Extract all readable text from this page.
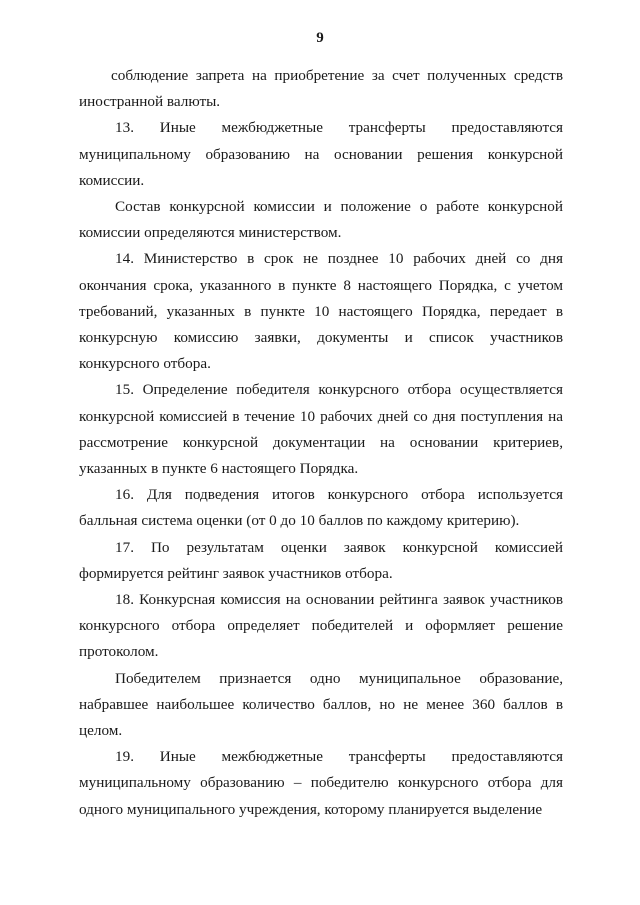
9

соблюдение запрета на приобретение за счет полученных средств иностранной валюты.

13. Иные межбюджетные трансферты предоставляются муниципальному образованию на основании решения конкурсной комиссии.

Состав конкурсной комиссии и положение о работе конкурсной комиссии определяются министерством.

14. Министерство в срок не позднее 10 рабочих дней со дня окончания срока, указанного в пункте 8 настоящего Порядка, с учетом требований, указанных в пункте 10 настоящего Порядка, передает в конкурсную комиссию заявки, документы и список участников конкурсного отбора.

15. Определение победителя конкурсного отбора осуществляется конкурсной комиссией в течение 10 рабочих дней со дня поступления на рассмотрение конкурсной документации на основании критериев, указанных в пункте 6 настоящего Порядка.

16. Для подведения итогов конкурсного отбора используется балльная система оценки (от 0 до 10 баллов по каждому критерию).

17. По результатам оценки заявок конкурсной комиссией формируется рейтинг заявок участников отбора.

18. Конкурсная комиссия на основании рейтинга заявок участников конкурсного отбора определяет победителей и оформляет решение протоколом.

Победителем признается одно муниципальное образование, набравшее наибольшее количество баллов, но не менее 360 баллов в целом.

19. Иные межбюджетные трансферты предоставляются муниципальному образованию – победителю конкурсного отбора для одного муниципального учреждения, которому планируется выделение
